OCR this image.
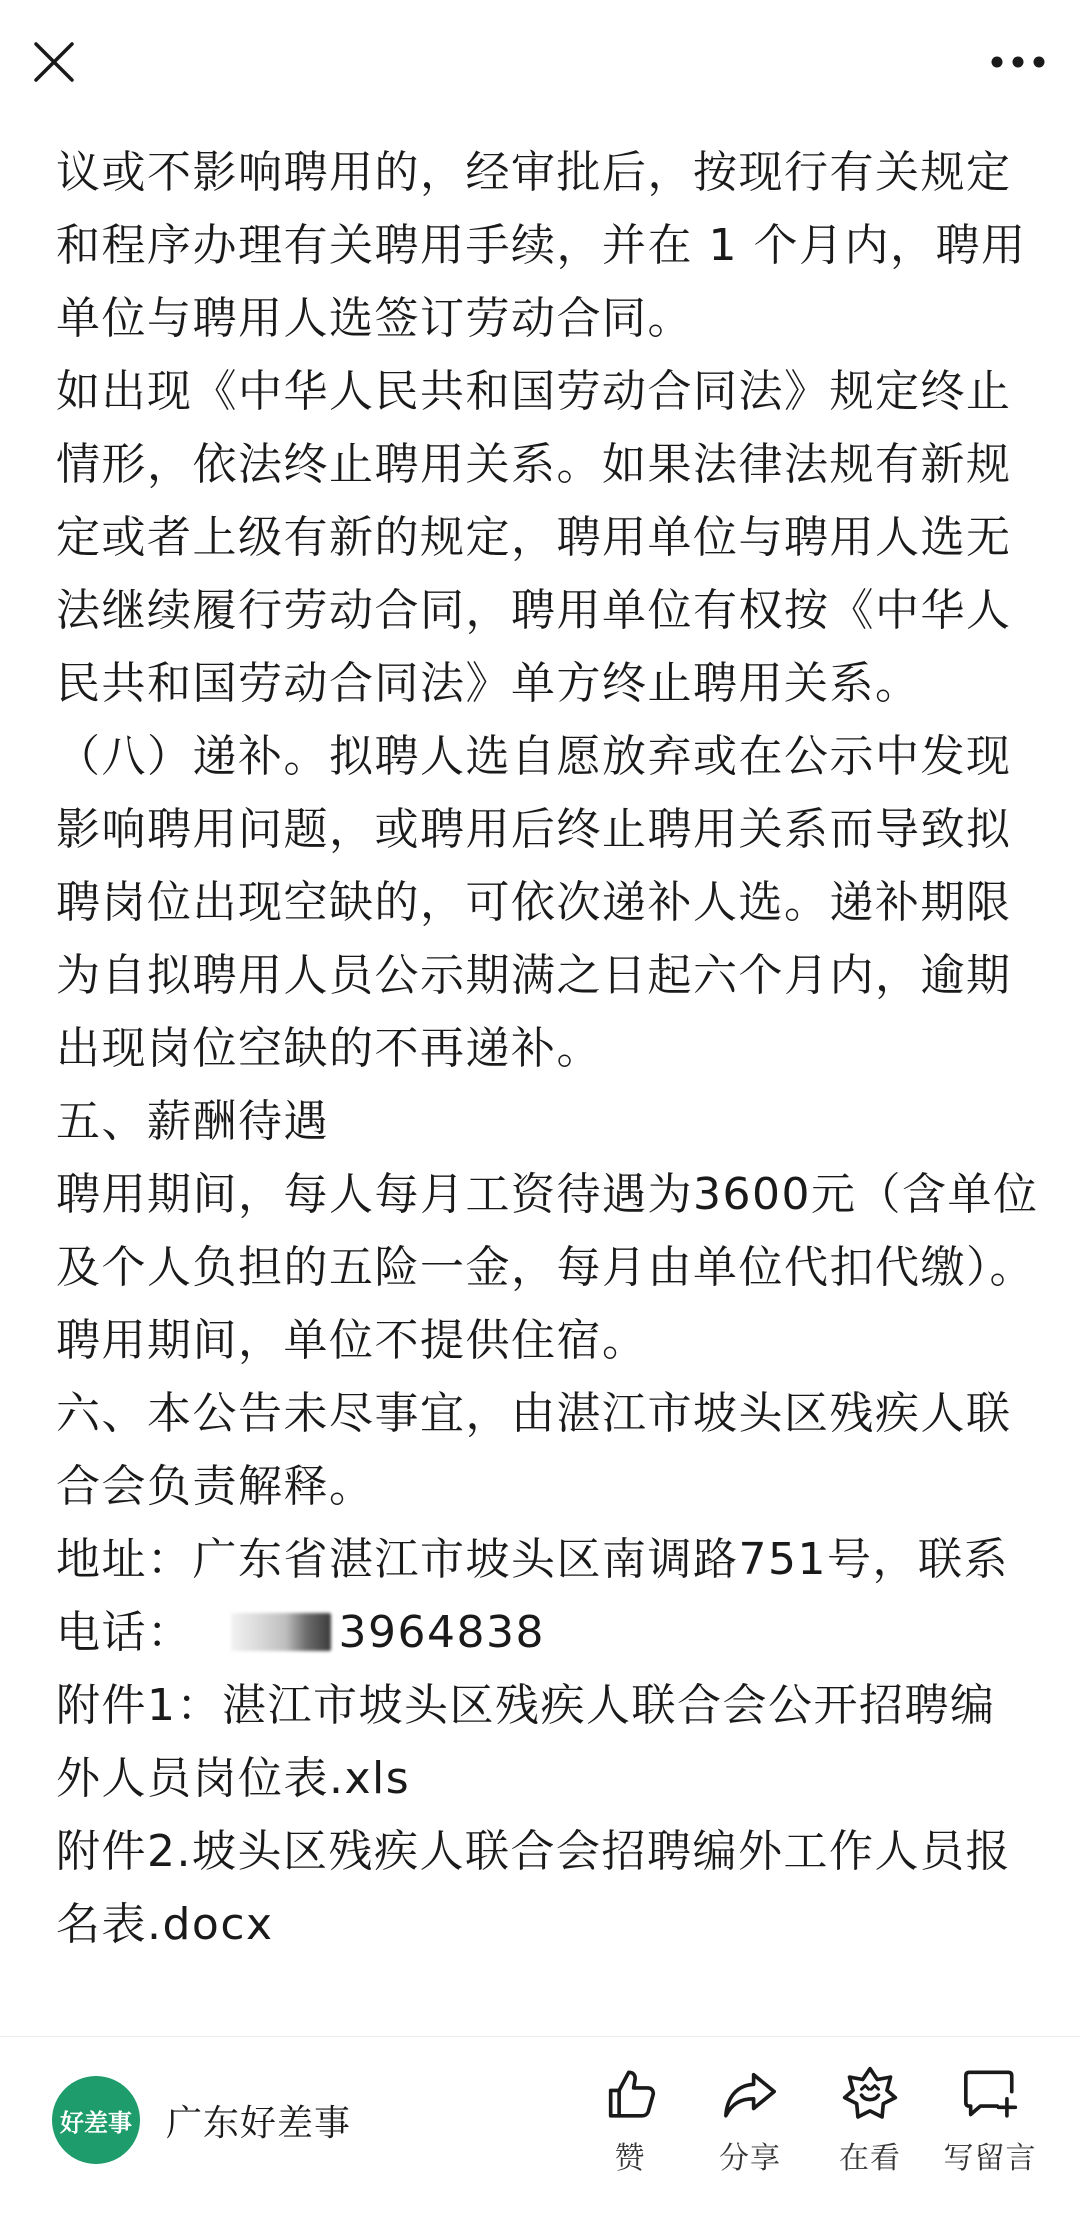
议或不影响聘用的，经审批后，按现行有关规定和程序办理有关聘用手续，并在 1 个月内，聘用单位与聘用人选签订劳动合同。

如出现《中华人民共和国劳动合同法》规定终止情形，依法终止聘用关系。如果法律法规有新规定或者上级有新的规定，聘用单位与聘用人选无法继续履行劳动合同，聘用单位有权按《中华人民共和国劳动合同法》单方终止聘用关系。

（八）递补。拟聘人选自愿放弃或在公示中发现影响聘用问题，或聘用后终止聘用关系而导致拟聘岗位出现空缺的，可依次递补人选。递补期限为自拟聘用人员公示期满之日起六个月内，逾期出现岗位空缺的不再递补。

五、薪酬待遇

聘用期间，每人每月工资待遇为3600元（含单位及个人负担的五险一金，每月由单位代扣代缴）。聘用期间，单位不提供住宿。

六、本公告未尽事宜，由湛江市坡头区残疾人联合会负责解释。

地址：广东省湛江市坡头区南调路751号，联系电话：	3964838

附件1：湛江市坡头区残疾人联合会公开招聘编外人员岗位表.xls

附件2.坡头区残疾人联合会招聘编外工作人员报名表.docx

好差事 广东好差事
赞 分享 在看 写留言
